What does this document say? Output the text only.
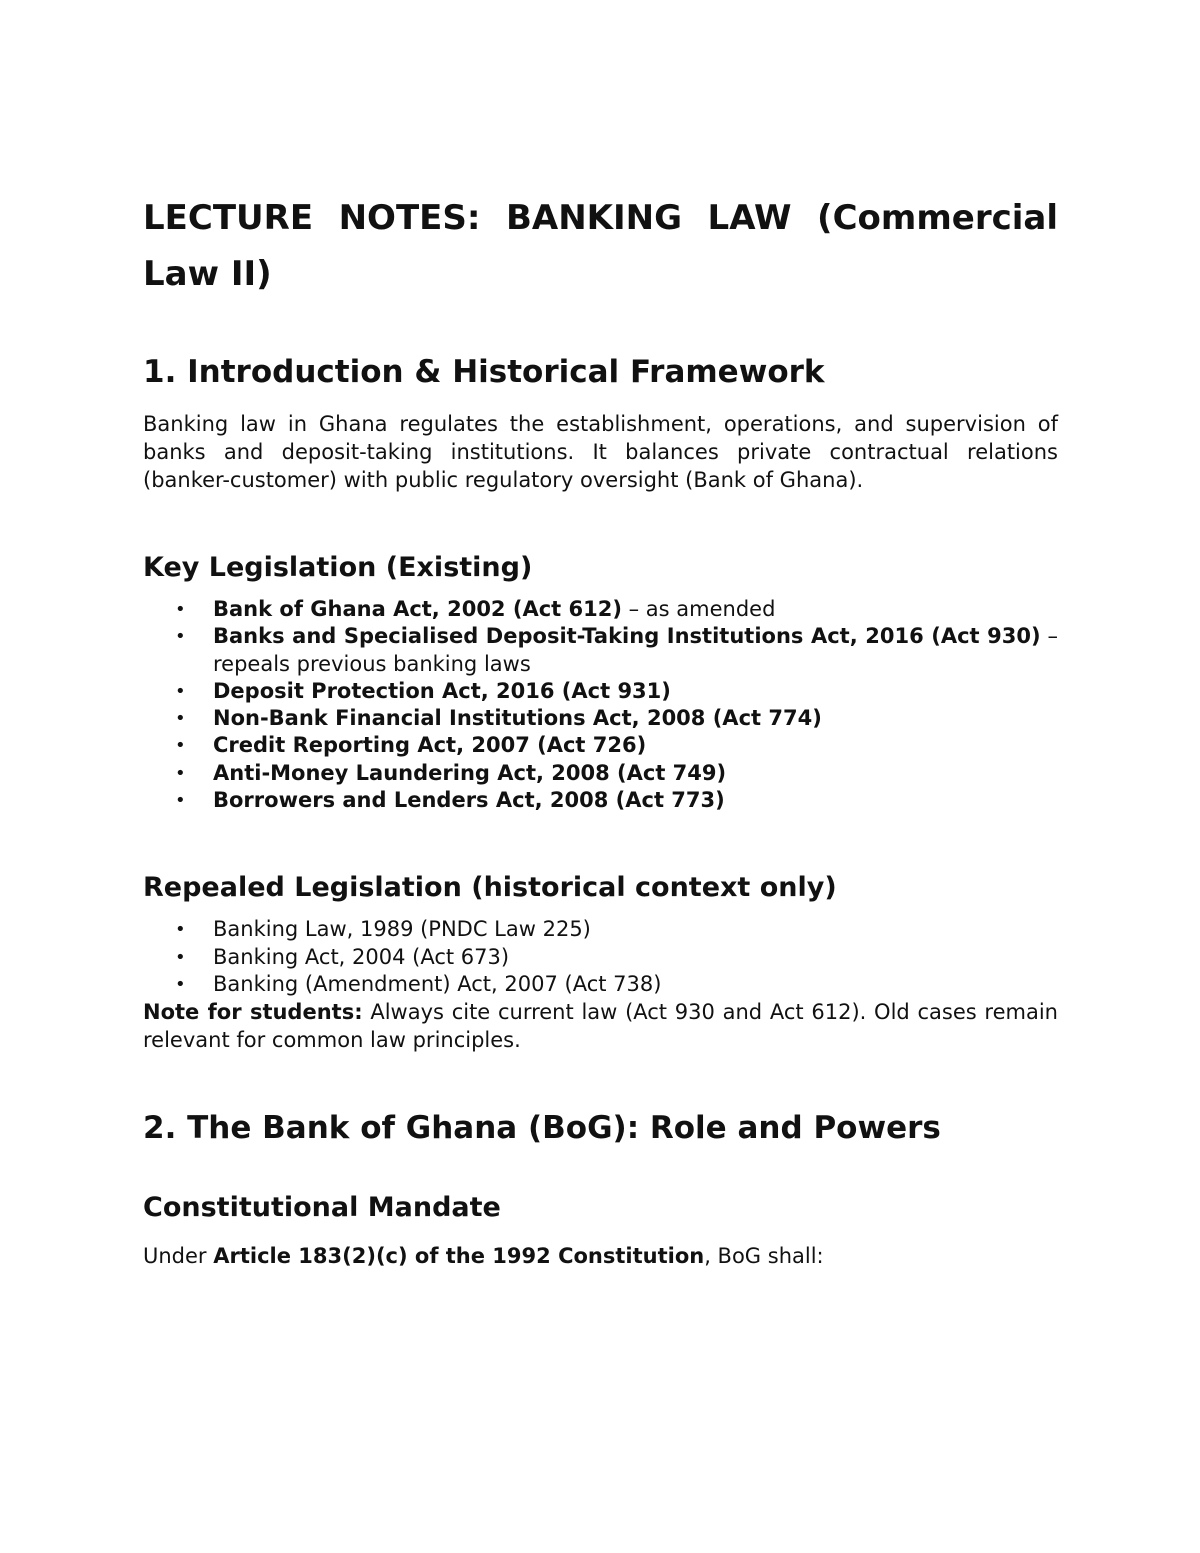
LECTURE NOTES: BANKING LAW (Commercial Law II)
1. Introduction & Historical Framework

Banking law in Ghana regulates the establishment, operations, and supervision of banks and deposit-taking institutions. It balances private contractual relations (banker-customer) with public regulatory oversight (Bank of Ghana).

Key Legislation (Existing)
• Bank of Ghana Act, 2002 (Act 612) – as amended
• Banks and Specialised Deposit-Taking Institutions Act, 2016 (Act 930) – repeals previous banking laws
• Deposit Protection Act, 2016 (Act 931)
• Non-Bank Financial Institutions Act, 2008 (Act 774)
• Credit Reporting Act, 2007 (Act 726)
• Anti-Money Laundering Act, 2008 (Act 749)
• Borrowers and Lenders Act, 2008 (Act 773)
Repealed Legislation (historical context only)
• Banking Law, 1989 (PNDC Law 225)
• Banking Act, 2004 (Act 673)
• Banking (Amendment) Act, 2007 (Act 738)

Note for students: Always cite current law (Act 930 and Act 612). Old cases remain relevant for common law principles.

2. The Bank of Ghana (BoG): Role and Powers
Constitutional Mandate

Under Article 183(2)(c) of the 1992 Constitution, BoG shall:
